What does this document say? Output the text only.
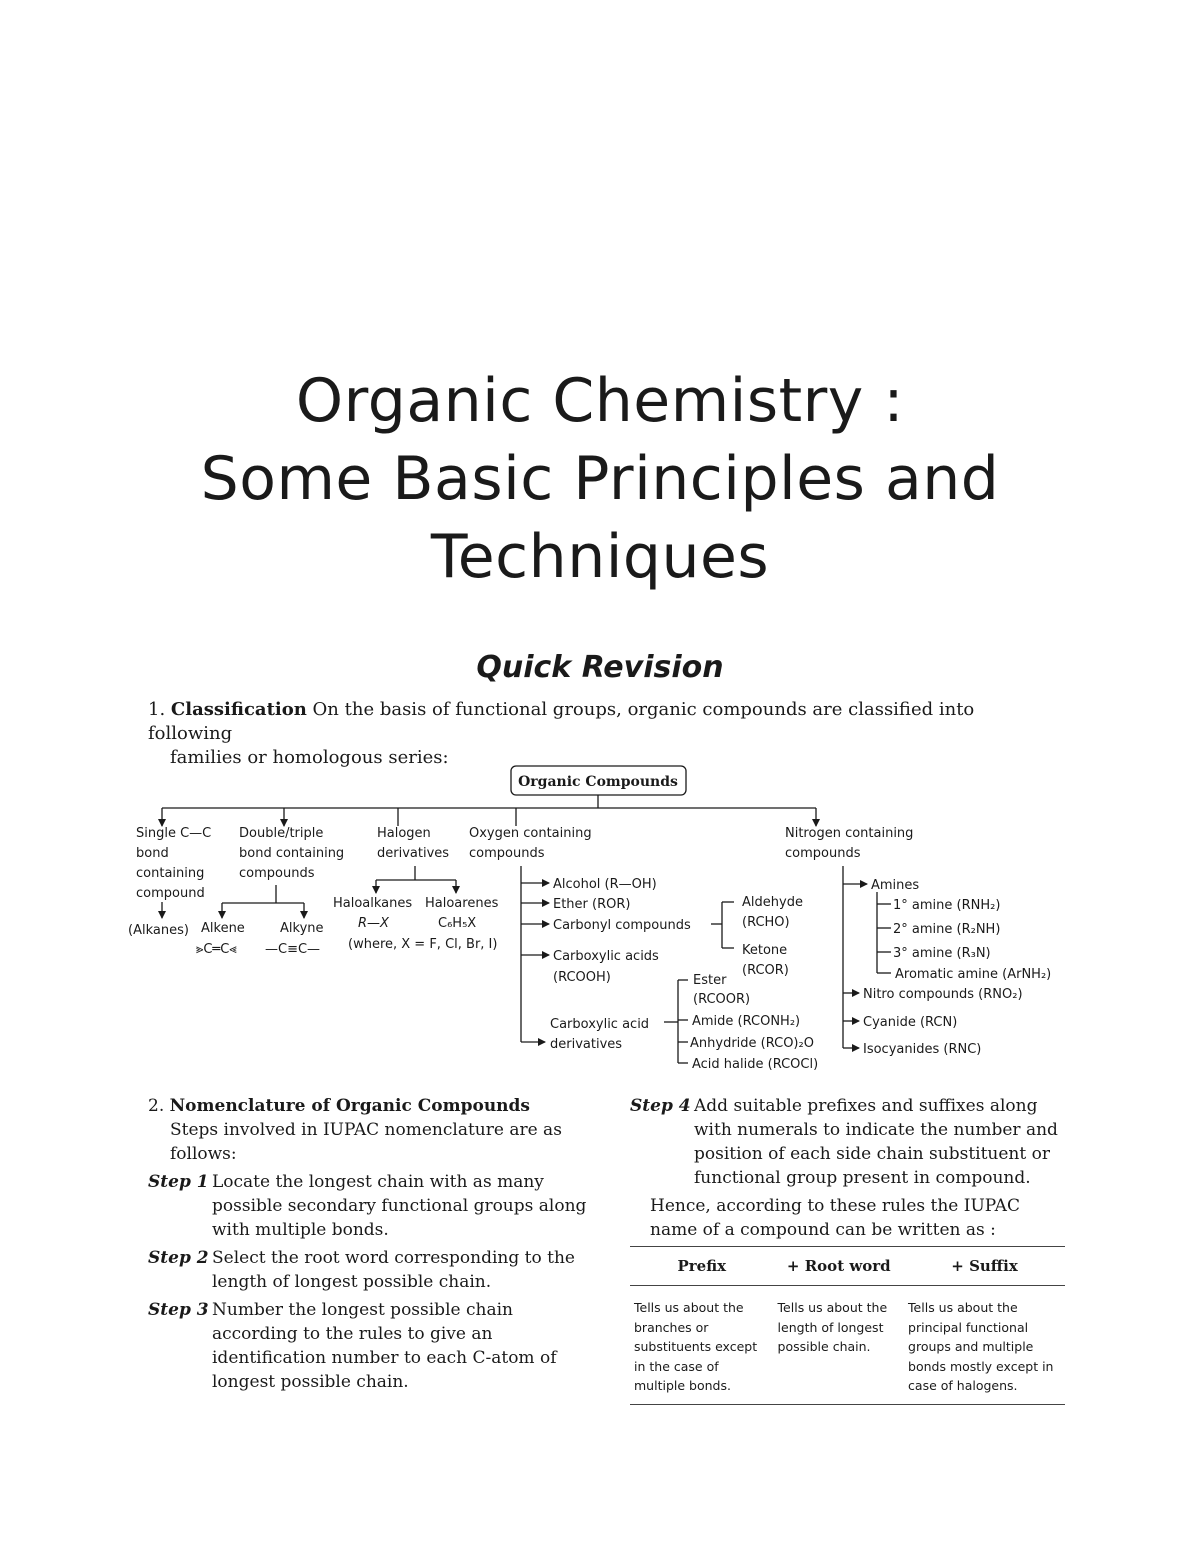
Organic Chemistry :
Some Basic Principles and
Techniques
Quick Revision
1. Classification On the basis of functional groups, organic compounds are classified into following
families or homologous series:
Organic Compounds
Single C—C bond containing compound
(Alkanes)
Double/triple bond containing compounds
Alkene
⪢C═C⪡
Alkyne
—C≡C—
Halogen derivatives
Haloalkanes
R—X
Haloarenes
C₆H₅X
(where, X = F, Cl, Br, I)
Oxygen containing compounds
Alcohol (R—OH)
Ether (ROR)
Carbonyl compounds
Aldehyde (RCHO)
Ketone (RCOR)
Carboxylic acids (RCOOH)
Carboxylic acid derivatives
Ester (RCOOR)
Amide (RCONH₂)
Anhydride (RCO)₂O
Acid halide (RCOCl)
Nitrogen containing compounds
Amines
1° amine (RNH₂)
2° amine (R₂NH)
3° amine (R₃N)
Aromatic amine (ArNH₂)
Nitro compounds (RNO₂)
Cyanide (RCN)
Isocyanides (RNC)
2. Nomenclature of Organic Compounds
Steps involved in IUPAC nomenclature are as follows:
Step 1 Locate the longest chain with as many possible secondary functional groups along with multiple bonds.
Step 2 Select the root word corresponding to the length of longest possible chain.
Step 3 Number the longest possible chain according to the rules to give an identification number to each C-atom of longest possible chain.
Step 4 Add suitable prefixes and suffixes along with numerals to indicate the number and position of each side chain substituent or functional group present in compound.
Hence, according to these rules the IUPAC name of a compound can be written as :
Prefix	+ Root word	+ Suffix
Tells us about the branches or substituents except in the case of multiple bonds.	Tells us about the length of longest possible chain.	Tells us about the principal functional groups and multiple bonds mostly except in case of halogens.
